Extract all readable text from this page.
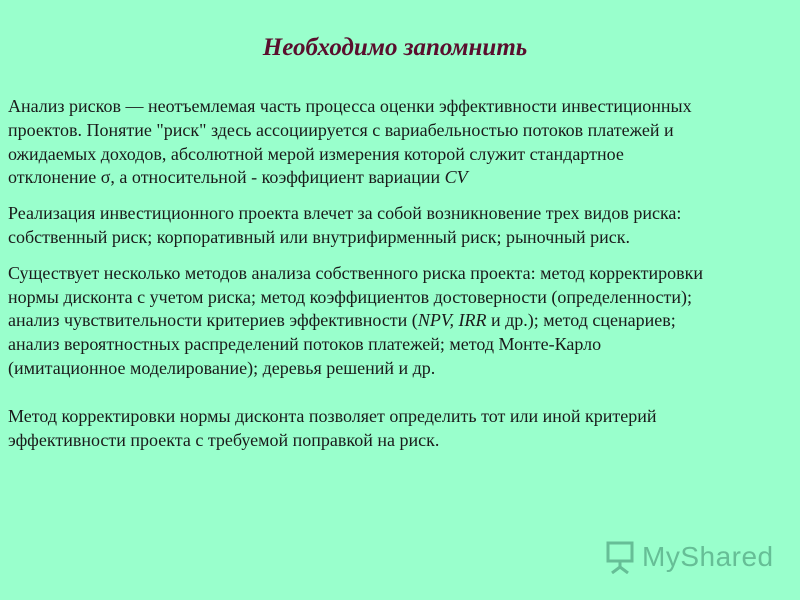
Необходимо запомнить

Анализ рисков — неотъемлемая часть процесса оценки эффективности инвестиционных проектов. Понятие "риск" здесь ассоциируется с вариабельностью потоков платежей и ожидаемых доходов, абсолютной мерой измерения которой служит стандартное отклонение σ, а относительной - коэффициент вариации CV

Реализация инвестиционного проекта влечет за собой возникновение трех видов риска: собственный риск; корпоративный или внутрифирменный риск; рыночный риск.

Существует несколько методов анализа собственного риска проекта: метод корректировки нормы дисконта с учетом риска; метод коэффициентов достоверности (определенности); анализ чувствительности критериев эффективности (NPV, IRR и др.); метод сценариев; анализ вероятностных распределений потоков платежей; метод Монте-Карло (имитационное моделирование); деревья решений и др.

Метод корректировки нормы дисконта позволяет определить тот или иной критерий эффективности проекта с требуемой поправкой на риск.

MyShared
